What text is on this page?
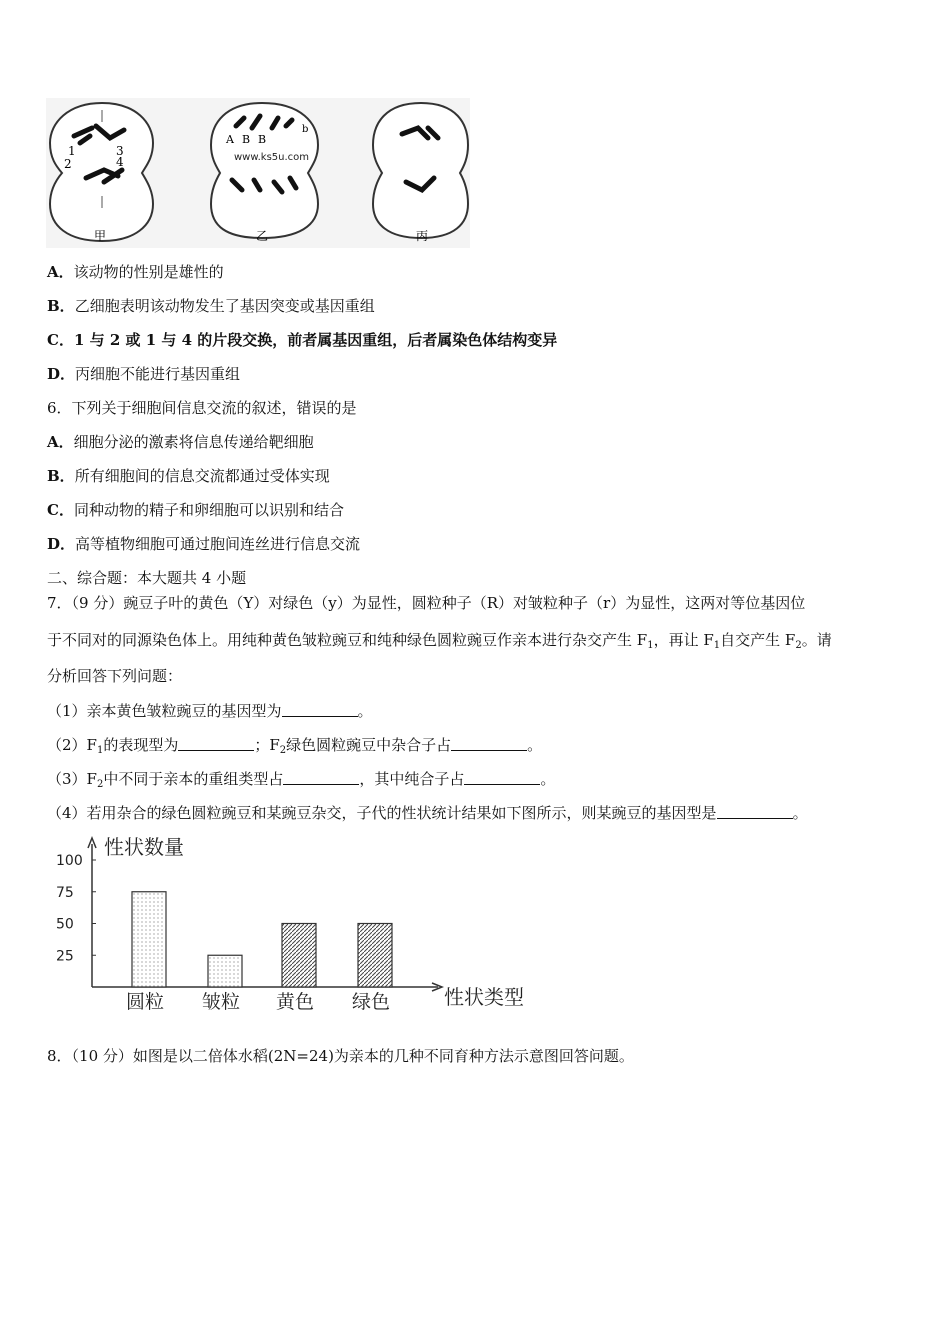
1	3
2	4
甲
A B B
b
www.ks5u.com
乙	丙
A．该动物的性别是雄性的
B．乙细胞表明该动物发生了基因突变或基因重组
C．1 与 2 或 1 与 4 的片段交换，前者属基因重组，后者属染色体结构变异
D．丙细胞不能进行基因重组
6．下列关于细胞间信息交流的叙述，错误的是
A．细胞分泌的激素将信息传递给靶细胞
B．所有细胞间的信息交流都通过受体实现
C．同种动物的精子和卵细胞可以识别和结合
D．高等植物细胞可通过胞间连丝进行信息交流
二、综合题：本大题共 4 小题
7．（9 分）豌豆子叶的黄色（Y）对绿色（y）为显性，圆粒种子（R）对皱粒种子（r）为显性，这两对等位基因位
于不同对的同源染色体上。用纯种黄色皱粒豌豆和纯种绿色圆粒豌豆作亲本进行杂交产生 $F_1$，再让 $F_1$自交产生 $F_2$。请
分析回答下列问题：
（1）亲本黄色皱粒豌豆的基因型为	。
$(2)F_1$的表现型为	；$F_2$绿色圆粒豌豆中杂合子占	。
$(3)F_2$中不同于亲本的重组类型占	，其中纯合子占	。
（4）若用杂合的绿色圆粒豌豆和某豌豆杂交，子代的性状统计结果如下图所示，则某豌豆的基因型是	。
性状数量
性状类型
100
75
50
25
圆粒 皱粒 黄色 绿色
8．（10 分）如图是以二倍体水稻(2N=24)为亲本的几种不同育种方法示意图回答问题。
